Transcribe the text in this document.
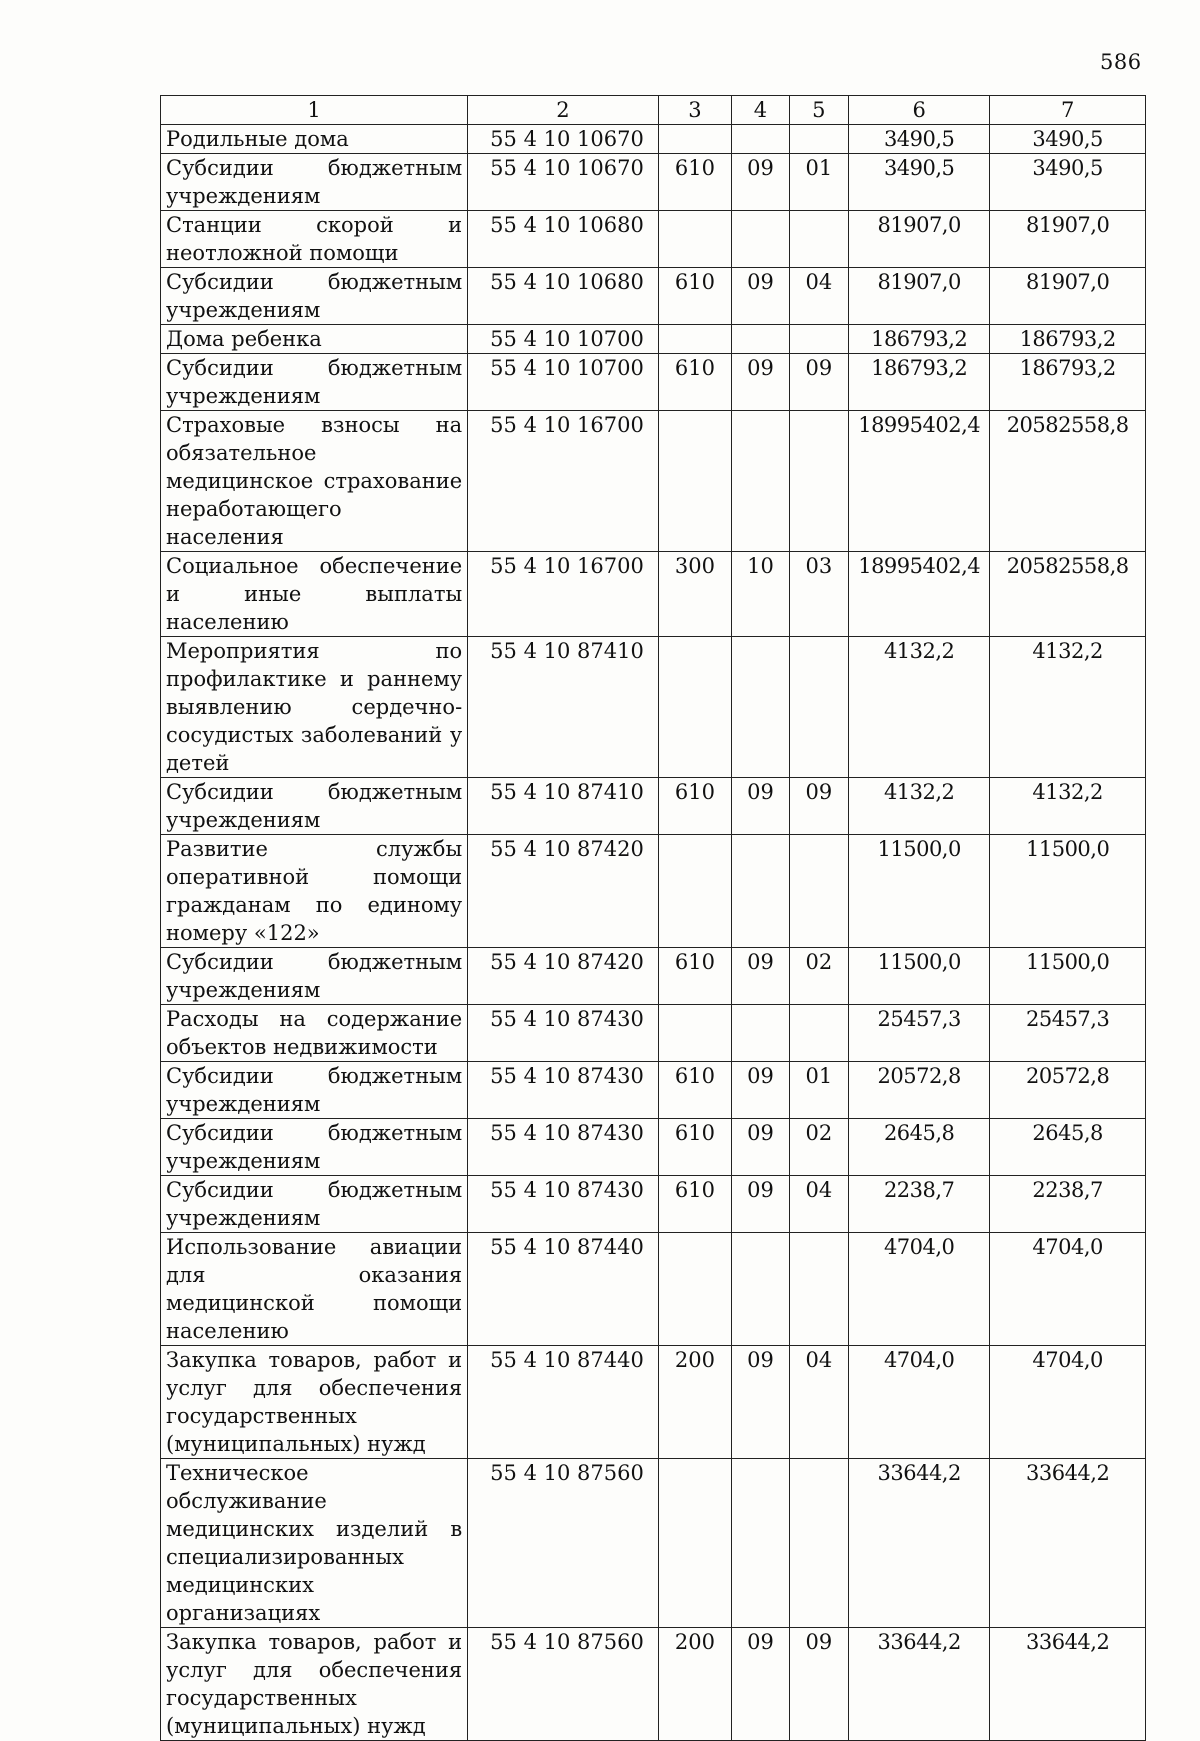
586
1	2	3	4	5	6	7
Родильные дома	55 4 10 10670				3490,5	3490,5
Субсидии бюджетным учреждениям	55 4 10 10670	610	09	01	3490,5	3490,5
Станции скорой и неотложной помощи	55 4 10 10680				81907,0	81907,0
Субсидии бюджетным учреждениям	55 4 10 10680	610	09	04	81907,0	81907,0
Дома ребенка	55 4 10 10700				186793,2	186793,2
Субсидии бюджетным учреждениям	55 4 10 10700	610	09	09	186793,2	186793,2
Страховые взносы на обязательное медицинское страхование неработающего населения	55 4 10 16700				18995402,4	20582558,8
Социальное обеспечение и иные выплаты населению	55 4 10 16700	300	10	03	18995402,4	20582558,8
Мероприятия по профилактике и раннему выявлению сердечно-сосудистых заболеваний у детей	55 4 10 87410				4132,2	4132,2
Субсидии бюджетным учреждениям	55 4 10 87410	610	09	09	4132,2	4132,2
Развитие службы оперативной помощи гражданам по единому номеру «122»	55 4 10 87420				11500,0	11500,0
Субсидии бюджетным учреждениям	55 4 10 87420	610	09	02	11500,0	11500,0
Расходы на содержание объектов недвижимости	55 4 10 87430				25457,3	25457,3
Субсидии бюджетным учреждениям	55 4 10 87430	610	09	01	20572,8	20572,8
Субсидии бюджетным учреждениям	55 4 10 87430	610	09	02	2645,8	2645,8
Субсидии бюджетным учреждениям	55 4 10 87430	610	09	04	2238,7	2238,7
Использование авиации для оказания медицинской помощи населению	55 4 10 87440				4704,0	4704,0
Закупка товаров, работ и услуг для обеспечения государственных (муниципальных) нужд	55 4 10 87440	200	09	04	4704,0	4704,0
Техническое обслуживание медицинских изделий в специализированных медицинских организациях	55 4 10 87560				33644,2	33644,2
Закупка товаров, работ и услуг для обеспечения государственных (муниципальных) нужд	55 4 10 87560	200	09	09	33644,2	33644,2
